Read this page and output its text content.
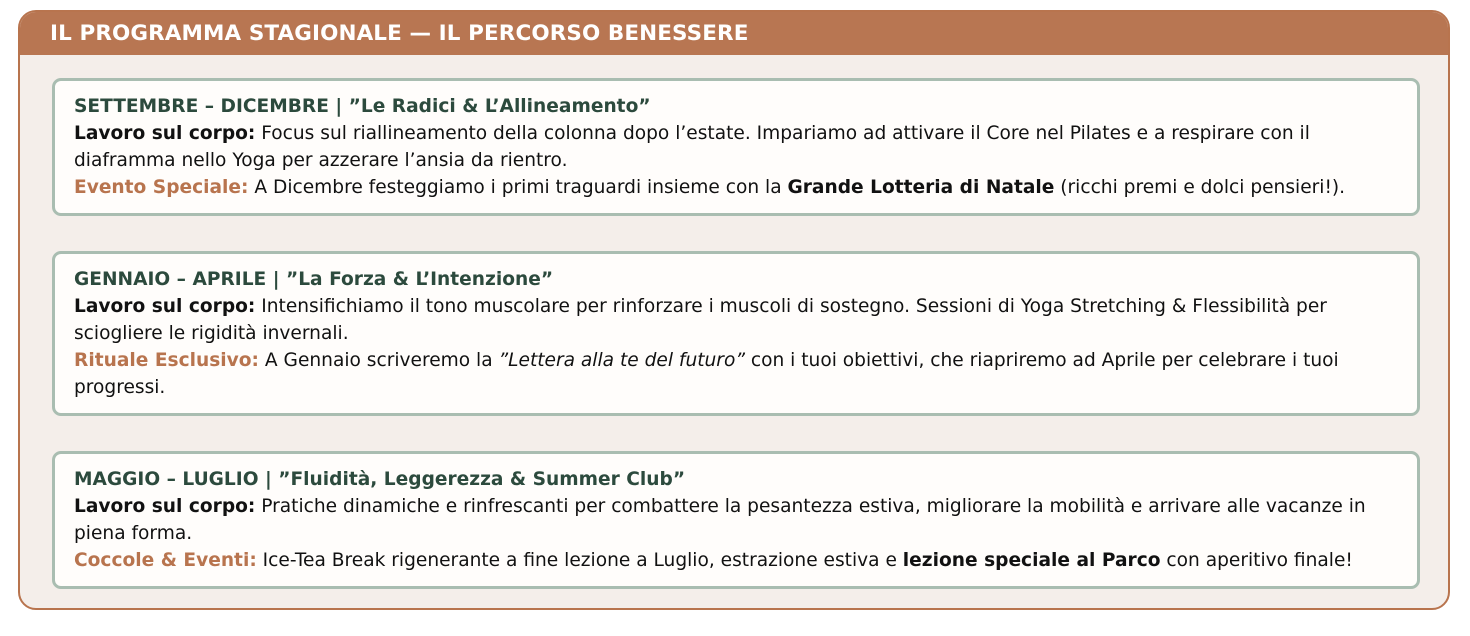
IL PROGRAMMA STAGIONALE — IL PERCORSO BENESSERE

SETTEMBRE – DICEMBRE | ”Le Radici & L’Allineamento”

Lavoro sul corpo: Focus sul riallineamento della colonna dopo l’estate. Impariamo ad attivare il Core nel Pilates e a respirare con il diaframma nello Yoga per azzerare l’ansia da rientro.

Evento Speciale: A Dicembre festeggiamo i primi traguardi insieme con la Grande Lotteria di Natale (ricchi premi e dolci pensieri!).

GENNAIO – APRILE | ”La Forza & L’Intenzione”

Lavoro sul corpo: Intensifichiamo il tono muscolare per rinforzare i muscoli di sostegno. Sessioni di Yoga Stretching & Flessibilità per sciogliere le rigidità invernali.

Rituale Esclusivo: A Gennaio scriveremo la ”Lettera alla te del futuro” con i tuoi obiettivi, che riapriremo ad Aprile per celebrare i tuoi progressi.

MAGGIO – LUGLIO | ”Fluidità, Leggerezza & Summer Club”

Lavoro sul corpo: Pratiche dinamiche e rinfrescanti per combattere la pesantezza estiva, migliorare la mobilità e arrivare alle vacanze in piena forma.

Coccole & Eventi: Ice-Tea Break rigenerante a fine lezione a Luglio, estrazione estiva e lezione speciale al Parco con aperitivo finale!
